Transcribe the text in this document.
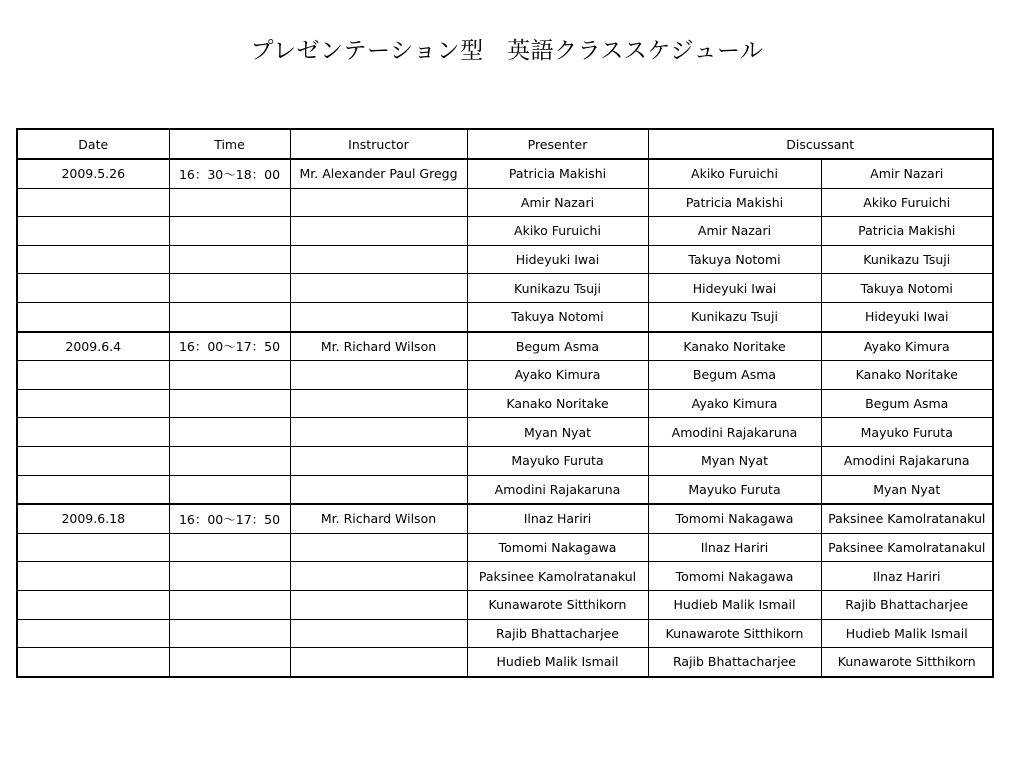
プレゼンテーション型　英語クラススケジュール
Date	Time	Instructor	Presenter	Discussant	
2009.5.26	16：30～18：00	Mr. Alexander Paul Gregg	Patricia Makishi	Akiko Furuichi	Amir Nazari
			Amir Nazari	Patricia Makishi	Akiko Furuichi
			Akiko Furuichi	Amir Nazari	Patricia Makishi
			Hideyuki Iwai	Takuya Notomi	Kunikazu Tsuji
			Kunikazu Tsuji	Hideyuki Iwai	Takuya Notomi
			Takuya Notomi	Kunikazu Tsuji	Hideyuki Iwai
2009.6.4	16：00～17：50	Mr. Richard Wilson	Begum Asma	Kanako Noritake	Ayako Kimura
			Ayako Kimura	Begum Asma	Kanako Noritake
			Kanako Noritake	Ayako Kimura	Begum Asma
			Myan Nyat	Amodini Rajakaruna	Mayuko Furuta
			Mayuko Furuta	Myan Nyat	Amodini Rajakaruna
			Amodini Rajakaruna	Mayuko Furuta	Myan Nyat
2009.6.18	16：00～17：50	Mr. Richard Wilson	Ilnaz Hariri	Tomomi Nakagawa	Paksinee Kamolratanakul
			Tomomi Nakagawa	Ilnaz Hariri	Paksinee Kamolratanakul
			Paksinee Kamolratanakul	Tomomi Nakagawa	Ilnaz Hariri
			Kunawarote Sitthikorn	Hudieb Malik Ismail	Rajib Bhattacharjee
			Rajib Bhattacharjee	Kunawarote Sitthikorn	Hudieb Malik Ismail
			Hudieb Malik Ismail	Rajib Bhattacharjee	Kunawarote Sitthikorn
